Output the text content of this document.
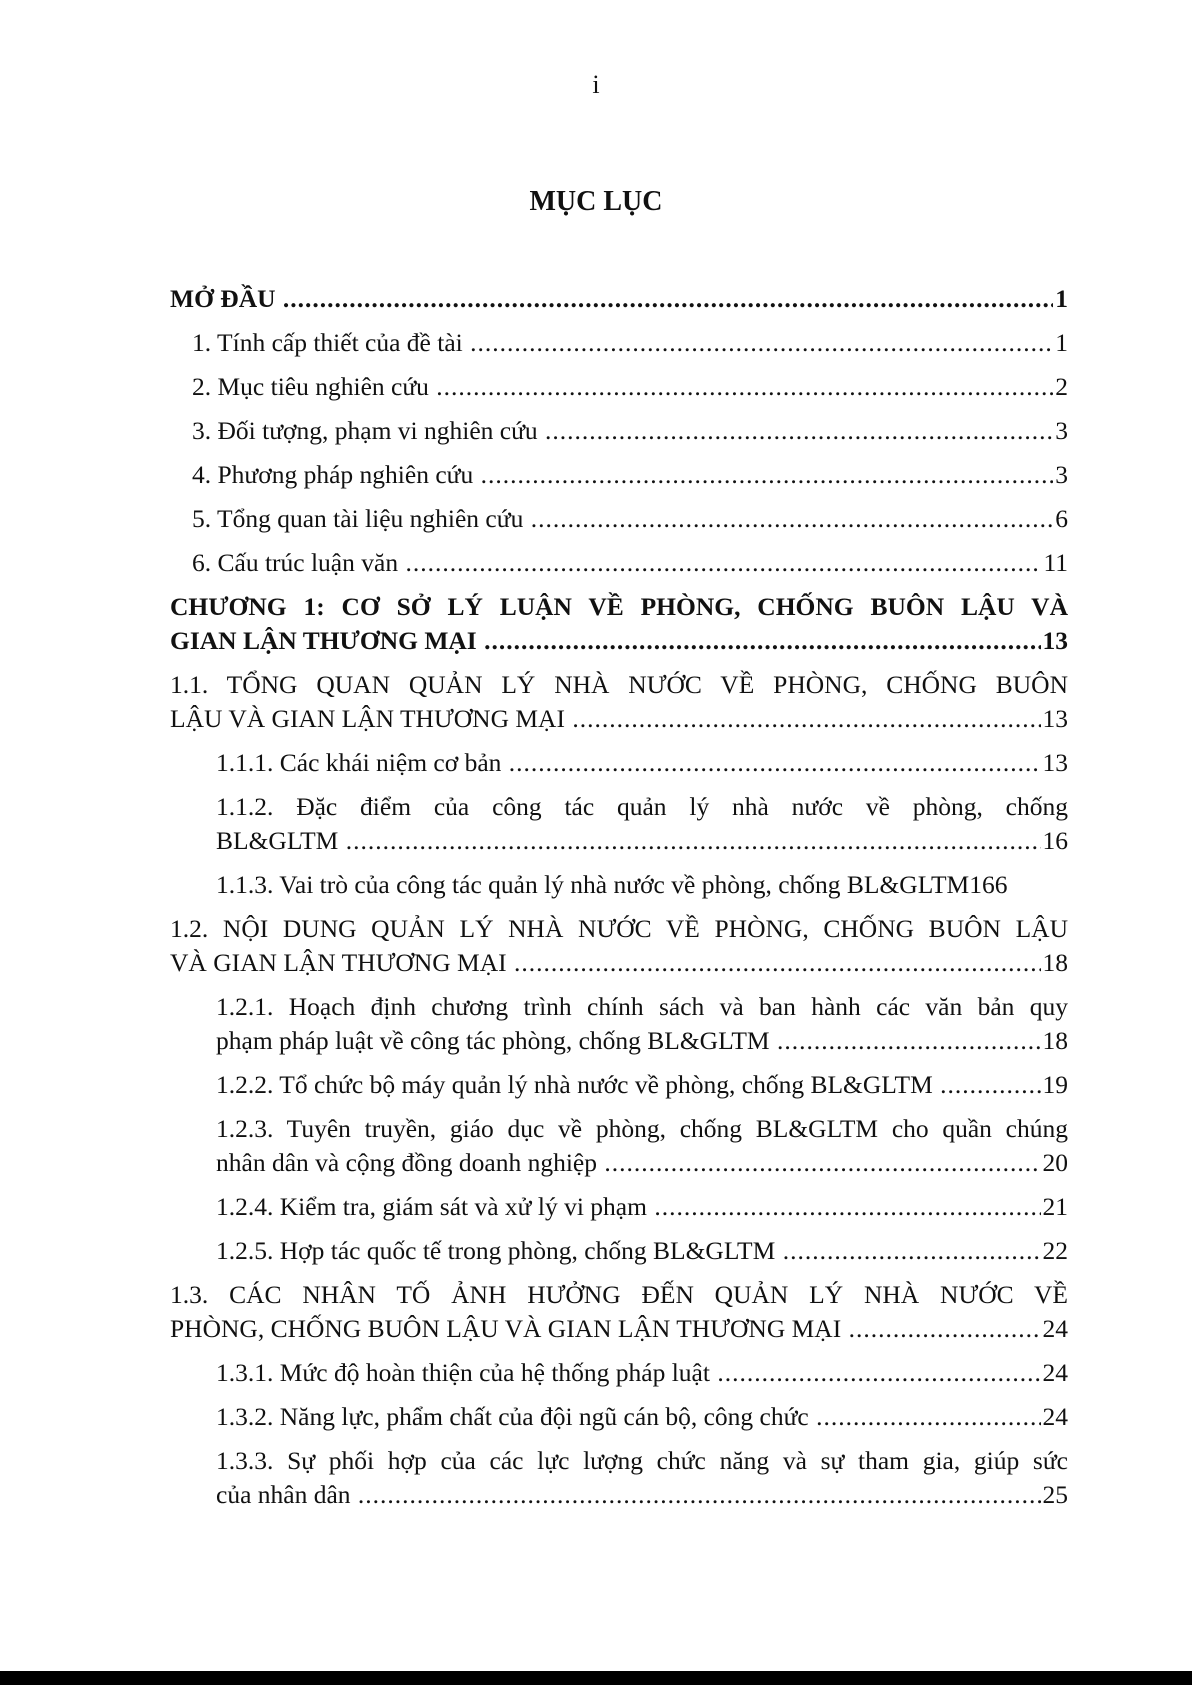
i
MỤC LỤC
MỞ ĐẦU .....	1
1. Tính cấp thiết của đề tài .....	1
2. Mục tiêu nghiên cứu .....	2
3. Đối tượng, phạm vi nghiên cứu .....	3
4. Phương pháp nghiên cứu .....	3
5. Tổng quan tài liệu nghiên cứu .....	6
6. Cấu trúc luận văn .....	11
CHƯƠNG 1: CƠ SỞ LÝ LUẬN VỀ PHÒNG, CHỐNG BUÔN LẬU VÀ
GIAN LẬN THƯƠNG MẠI .....	13
1.1. TỔNG QUAN QUẢN LÝ NHÀ NƯỚC VỀ PHÒNG, CHỐNG BUÔN
LẬU VÀ GIAN LẬN THƯƠNG MẠI .....	13
1.1.1. Các khái niệm cơ bản .....	13
1.1.2. Đặc điểm của công tác quản lý nhà nước về phòng, chống
BL&GLTM .....	16
1.1.3. Vai trò của công tác quản lý nhà nước về phòng, chống BL&GLTM166
1.2. NỘI DUNG QUẢN LÝ NHÀ NƯỚC VỀ PHÒNG, CHỐNG BUÔN LẬU
VÀ GIAN LẬN THƯƠNG MẠI .....	18
1.2.1. Hoạch định chương trình chính sách và ban hành các văn bản quy
phạm pháp luật về công tác phòng, chống BL&GLTM .....	18
1.2.2. Tổ chức bộ máy quản lý nhà nước về phòng, chống BL&GLTM .....	19
1.2.3. Tuyên truyền, giáo dục về phòng, chống BL&GLTM cho quần chúng
nhân dân và cộng đồng doanh nghiệp .....	20
1.2.4. Kiểm tra, giám sát và xử lý vi phạm .....	21
1.2.5. Hợp tác quốc tế trong phòng, chống BL&GLTM .....	22
1.3. CÁC NHÂN TỐ ẢNH HƯỞNG ĐẾN QUẢN LÝ NHÀ NƯỚC VỀ
PHÒNG, CHỐNG BUÔN LẬU VÀ GIAN LẬN THƯƠNG MẠI .....	24
1.3.1. Mức độ hoàn thiện của hệ thống pháp luật .....	24
1.3.2. Năng lực, phẩm chất của đội ngũ cán bộ, công chức .....	24
1.3.3. Sự phối hợp của các lực lượng chức năng và sự tham gia, giúp sức
của nhân dân .....	25
